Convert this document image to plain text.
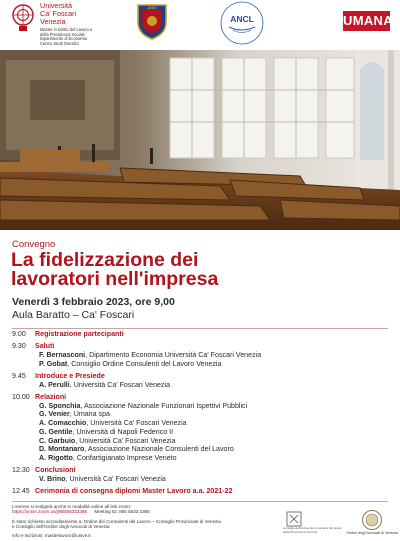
Università
Ca' Foscari
Venezia
Master in Diritto del Lavoro e
della Previdenza Sociale
Dipartimento di Economia
Centro Studi Giuridici
ANIV
ANCL	UMANA
Convegno
La fidelizzazione dei
lavoratori nell'impresa
Venerdì 3 febbraio 2023, ore 9,00
Aula Baratto – Ca' Foscari
9.00 Registrazione partecipanti
9.30 Saluti
F. Bernasconi, Dipartimento Economia Università Ca' Foscari Venezia
P. Gobat, Consiglio Ordine Consulenti del Lavoro Venezia
9.45 Introduce e Presiede
A. Perulli, Università Ca' Foscari Venezia
10.00 Relazioni
G. Sponchia, Associazione Nazionale Funzionari Ispettivi Pubblici
G. Venier, Umana spa
A. Comacchio, Università Ca' Foscari Venezia
G. Gentile, Università di Napoli Federico II
C. Garbuio, Università Ca' Foscari Venezia
D. Montanaro, Associazione Nazionale Consulenti del Lavoro
A. Rigotto, Confartigianato Imprese Veneto
12.30 Conclusioni
V. Brino, Università Ca' Foscari Venezia
12.45 Cerimonia di consegna diplomi Master Lavoro a.a. 2021-22
L'evento si svolgerà anche in modalità online all link zoom:
https://unive.zoom.us/j/86556332385 Meeting ID: 865 5633 2385
È stato richiesto accreditamento a: Ordine dei Consulenti del Lavoro – Consiglio Provinciale di Venezia
e Consiglio dell'Ordine degli Avvocati di Venezia
Info e iscrizioni: masterlavoro@unive.it
consiglio dell'ordine dei consulenti del lavoro
della Provincia di Venezia	Ordine degli Avvocati di Venezia
